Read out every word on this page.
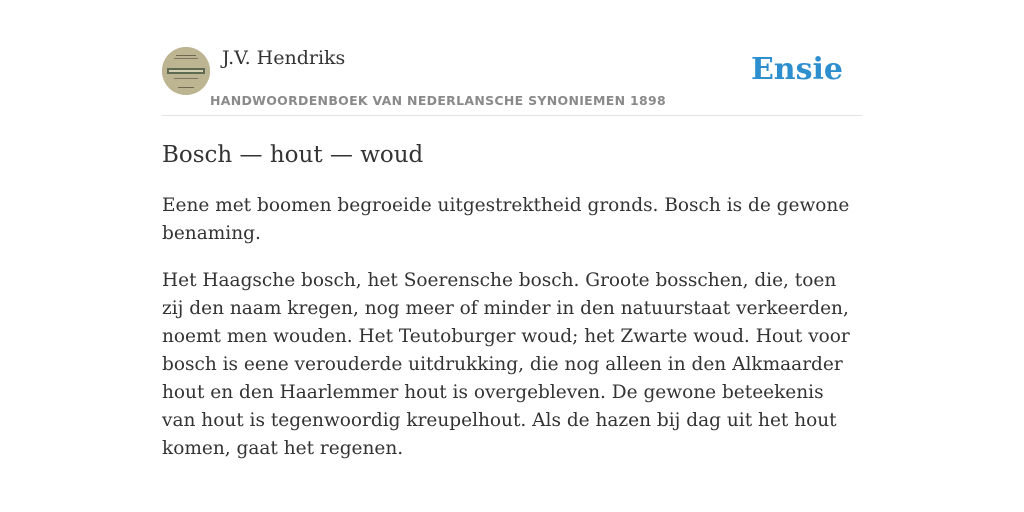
J.V. Hendriks
HANDWOORDENBOEK VAN NEDERLANSCHE SYNONIEMEN 1898
Ensie
Bosch — hout — woud

Eene met boomen begroeide uitgestrektheid gronds. Bosch is de gewone benaming.

Het Haagsche bosch, het Soerensche bosch. Groote bosschen, die, toen zij den naam kregen, nog meer of minder in den natuurstaat verkeerden, noemt men wouden. Het Teutoburger woud; het Zwarte woud. Hout voor bosch is eene verouderde uitdrukking, die nog alleen in den Alkmaarder hout en den Haarlemmer hout is overgebleven. De gewone beteekenis van hout is tegenwoordig kreupelhout. Als de hazen bij dag uit het hout komen, gaat het regenen.
